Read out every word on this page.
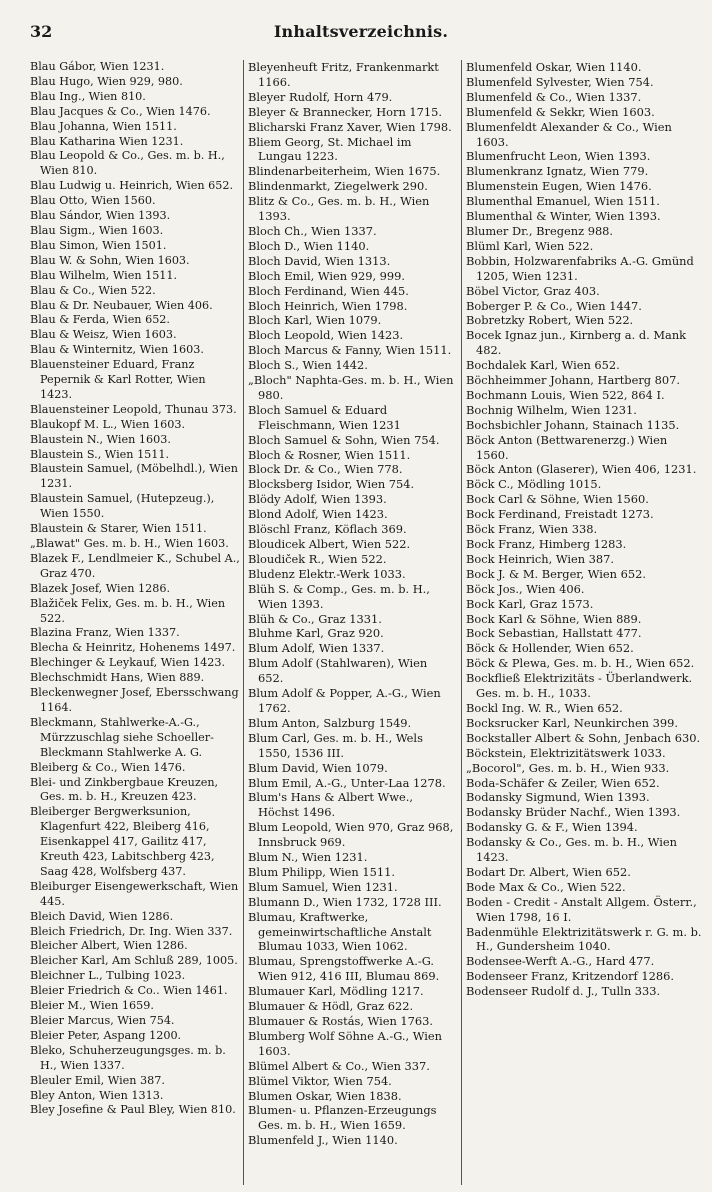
32	Inhaltsverzeichnis.
Blau Gábor, Wien 1231.
Blau Hugo, Wien 929, 980.
Blau Ing., Wien 810.
Blau Jacques & Co., Wien 1476.
Blau Johanna, Wien 1511.
Blau Katharina Wien 1231.
Blau Leopold & Co., Ges. m. b. H., Wien 810.
Blau Ludwig u. Heinrich, Wien 652.
Blau Otto, Wien 1560.
Blau Sándor, Wien 1393.
Blau Sigm., Wien 1603.
Blau Simon, Wien 1501.
Blau W. & Sohn, Wien 1603.
Blau Wilhelm, Wien 1511.
Blau & Co., Wien 522.
Blau & Dr. Neubauer, Wien 406.
Blau & Ferda, Wien 652.
Blau & Weisz, Wien 1603.
Blau & Winternitz, Wien 1603.
Blauensteiner Eduard, Franz Pepernik & Karl Rotter, Wien 1423.
Blauensteiner Leopold, Thunau 373.
Blaukopf M. L., Wien 1603.
Blaustein N., Wien 1603.
Blaustein S., Wien 1511.
Blaustein Samuel, (Möbelhdl.), Wien 1231.
Blaustein Samuel, (Hutерzeug.), Wien 1550.
Blaustein & Starer, Wien 1511.
„Blawat" Ges. m. b. H., Wien 1603.
Blazek F., Lendlmeier K., Schubel A., Graz 470.
Blazek Josef, Wien 1286.
Blažiček Felix, Ges. m. b. H., Wien 522.
Blazina Franz, Wien 1337.
Blecha & Heinritz, Hohenems 1497.
Blechinger & Leykauf, Wien 1423.
Blechschmidt Hans, Wien 889.
Bleckenwegner Josef, Ebersschwang 1164.
Bleckmann, Stahlwerke-A.-G., Mürzzuschlag siehe Schoeller-Bleckmann Stahlwerke A. G.
Bleiberg & Co., Wien 1476.
Blei- und Zinkbergbaue Kreuzen, Ges. m. b. H., Kreuzen 423.
Bleiberger Bergwerksunion, Klagenfurt 422, Bleiberg 416, Eisenkappel 417, Gailitz 417, Kreuth 423, Labitschberg 423, Saag 428, Wolfsberg 437.
Bleiburger Eisengewerkschaft, Wien 445.
Bleich David, Wien 1286.
Bleich Friedrich, Dr. Ing. Wien 337.
Bleicher Albert, Wien 1286.
Bleicher Karl, Am Schluß 289, 1005.
Bleichner L., Tulbing 1023.
Bleier Friedrich & Co.. Wien 1461.
Bleier M., Wien 1659.
Bleier Marcus, Wien 754.
Bleier Peter, Aspang 1200.
Bleko, Schuherzeugungsges. m. b. H., Wien 1337.
Bleuler Emil, Wien 387.
Bley Anton, Wien 1313.
Bley Josefine & Paul Bley, Wien 810.
Bleyenheuft Fritz, Frankenmarkt 1166.
Bleyer Rudolf, Horn 479.
Bleyer & Brannecker, Horn 1715.
Blicharski Franz Xaver, Wien 1798.
Bliem Georg, St. Michael im Lungau 1223.
Blindenarbeiterheim, Wien 1675.
Blindenmarkt, Ziegelwerk 290.
Blitz & Co., Ges. m. b. H., Wien 1393.
Bloch Ch., Wien 1337.
Bloch D., Wien 1140.
Bloch David, Wien 1313.
Bloch Emil, Wien 929, 999.
Bloch Ferdinand, Wien 445.
Bloch Heinrich, Wien 1798.
Bloch Karl, Wien 1079.
Bloch Leopold, Wien 1423.
Bloch Marcus & Fanny, Wien 1511.
Bloch S., Wien 1442.
„Bloch" Naphta-Ges. m. b. H., Wien 980.
Bloch Samuel & Eduard Fleischmann, Wien 1231
Bloch Samuel & Sohn, Wien 754.
Bloch & Rosner, Wien 1511.
Block Dr. & Co., Wien 778.
Blocksberg Isidor, Wien 754.
Blödy Adolf, Wien 1393.
Blond Adolf, Wien 1423.
Blöschl Franz, Köflach 369.
Bloudicek Albert, Wien 522.
Bloudiček R., Wien 522.
Bludenz Elektr.-Werk 1033.
Blüh S. & Comp., Ges. m. b. H., Wien 1393.
Blüh & Co., Graz 1331.
Bluhme Karl, Graz 920.
Blum Adolf, Wien 1337.
Blum Adolf (Stahlwaren), Wien 652.
Blum Adolf & Popper, A.-G., Wien 1762.
Blum Anton, Salzburg 1549.
Blum Carl, Ges. m. b. H., Wels 1550, 1536 III.
Blum David, Wien 1079.
Blum Emil, A.-G., Unter-Laa 1278.
Blum's Hans & Albert Wwe., Höchst 1496.
Blum Leopold, Wien 970, Graz 968, Innsbruck 969.
Blum N., Wien 1231.
Blum Philipp, Wien 1511.
Blum Samuel, Wien 1231.
Blumann D., Wien 1732, 1728 III.
Blumau, Kraftwerke, gemeinwirtschaftliche Anstalt Blumau 1033, Wien 1062.
Blumau, Sprengstoffwerke A.-G. Wien 912, 416 III, Blumau 869.
Blumauer Karl, Mödling 1217.
Blumauer & Hödl, Graz 622.
Blumauer & Rostás, Wien 1763.
Blumberg Wolf Söhne A.-G., Wien 1603.
Blümel Albert & Co., Wien 337.
Blümel Viktor, Wien 754.
Blumen Oskar, Wien 1838.
Blumen- u. Pflanzen-Erzeugungs Ges. m. b. H., Wien 1659.
Blumenfeld J., Wien 1140.
Blumenfeld Oskar, Wien 1140.
Blumenfeld Sylvester, Wien 754.
Blumenfeld & Co., Wien 1337.
Blumenfeld & Sekkr, Wien 1603.
Blumenfeldt Alexander & Co., Wien 1603.
Blumenfrucht Leon, Wien 1393.
Blumenkranz Ignatz, Wien 779.
Blumenstein Eugen, Wien 1476.
Blumenthal Emanuel, Wien 1511.
Blumenthal & Winter, Wien 1393.
Blumer Dr., Bregenz 988.
Blüml Karl, Wien 522.
Bobbin, Holzwarenfabriks A.-G. Gmünd 1205, Wien 1231.
Böbel Victor, Graz 403.
Boberger P. & Co., Wien 1447.
Bobretzky Robert, Wien 522.
Bocek Ignaz jun., Kirnberg a. d. Mank 482.
Bochdalek Karl, Wien 652.
Böchheimmer Johann, Hartberg 807.
Bochmann Louis, Wien 522, 864 I.
Bochnig Wilhelm, Wien 1231.
Bochsbichler Johann, Stainach 1135.
Böck Anton (Bettwarenerzg.) Wien 1560.
Böck Anton (Glaserer), Wien 406, 1231.
Böck C., Mödling 1015.
Bock Carl & Söhne, Wien 1560.
Bock Ferdinand, Freistadt 1273.
Böck Franz, Wien 338.
Bock Franz, Himberg 1283.
Bock Heinrich, Wien 387.
Bock J. & M. Berger, Wien 652.
Böck Jos., Wien 406.
Bock Karl, Graz 1573.
Bock Karl & Söhne, Wien 889.
Bock Sebastian, Hallstatt 477.
Böck & Hollender, Wien 652.
Böck & Plewa, Ges. m. b. H., Wien 652.
Bockfließ Elektrizitäts - Überlandwerk. Ges. m. b. H., 1033.
Bockl Ing. W. R., Wien 652.
Bocksrucker Karl, Neunkirchen 399.
Bockstaller Albert & Sohn, Jenbach 630.
Böckstein, Elektrizitätswerk 1033.
„Bocorol", Ges. m. b. H., Wien 933.
Boda-Schäfer & Zeiler, Wien 652.
Bodansky Sigmund, Wien 1393.
Bodansky Brüder Nachf., Wien 1393.
Bodansky G. & F., Wien 1394.
Bodansky & Co., Ges. m. b. H., Wien 1423.
Bodart Dr. Albert, Wien 652.
Bode Max & Co., Wien 522.
Boden - Credit - Anstalt Allgem. Österr., Wien 1798, 16 I.
Badenmühle Elektrizitätswerk r. G. m. b. H., Gundersheim 1040.
Bodensee-Werft A.-G., Hard 477.
Bodenseer Franz, Kritzendorf 1286.
Bodenseer Rudolf d. J., Tulln 333.
